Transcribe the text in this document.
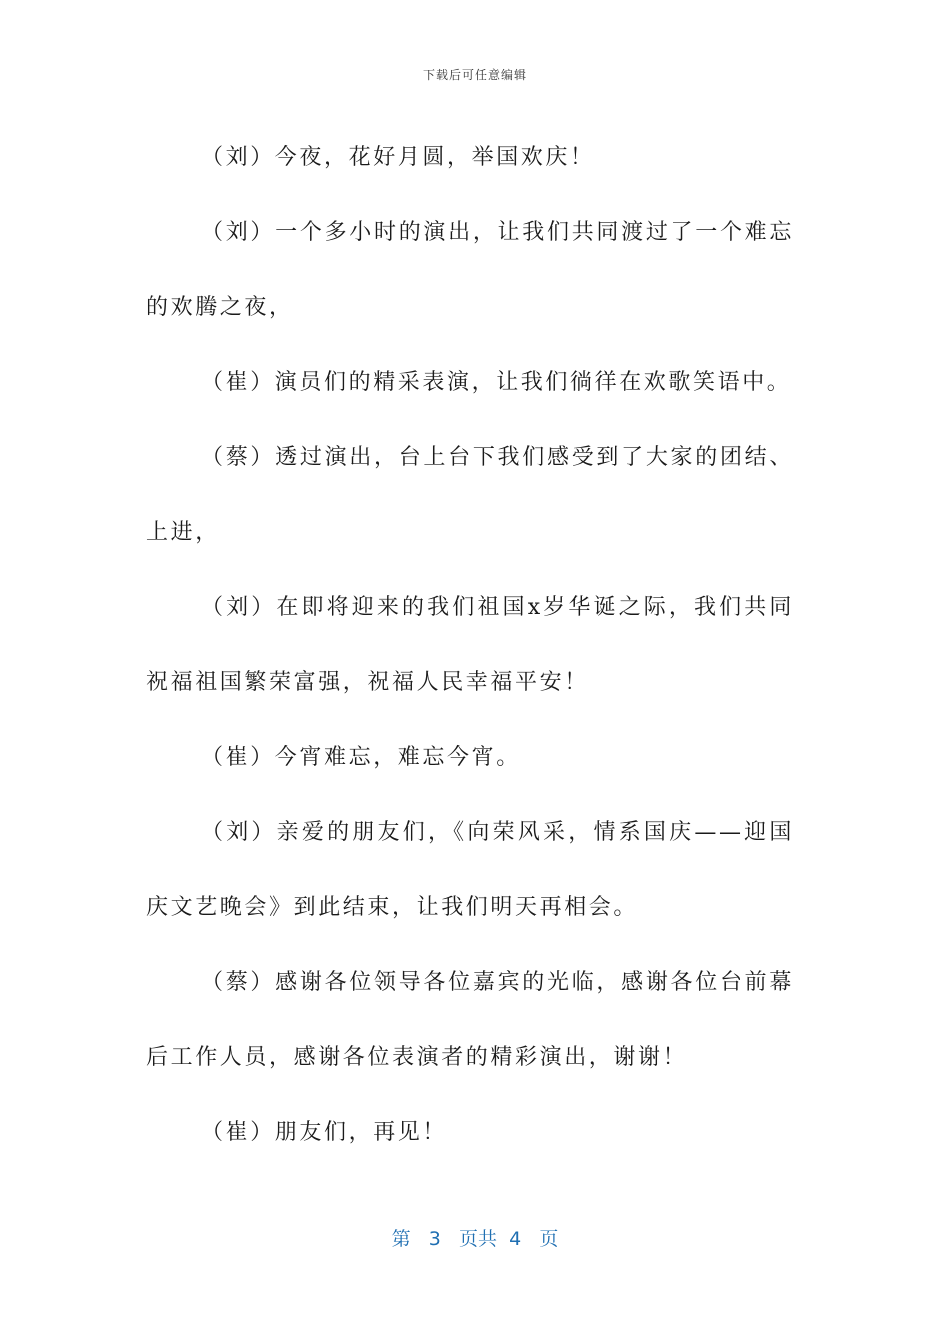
下载后可任意编辑

（刘）今夜，花好月圆，举国欢庆！

（刘）一个多小时的演出，让我们共同渡过了一个难忘的欢腾之夜，

（崔）演员们的精采表演，让我们徜徉在欢歌笑语中。

（蔡）透过演出，台上台下我们感受到了大家的团结、上进，

（刘）在即将迎来的我们祖国x岁华诞之际，我们共同祝福祖国繁荣富强，祝福人民幸福平安！

（崔）今宵难忘，难忘今宵。

（刘）亲爱的朋友们，《向荣风采，情系国庆——迎国庆文艺晚会》到此结束，让我们明天再相会。

（蔡）感谢各位领导各位嘉宾的光临，感谢各位台前幕后工作人员，感谢各位表演者的精彩演出，谢谢！

（崔）朋友们，再见！

第 3 页共 4 页
